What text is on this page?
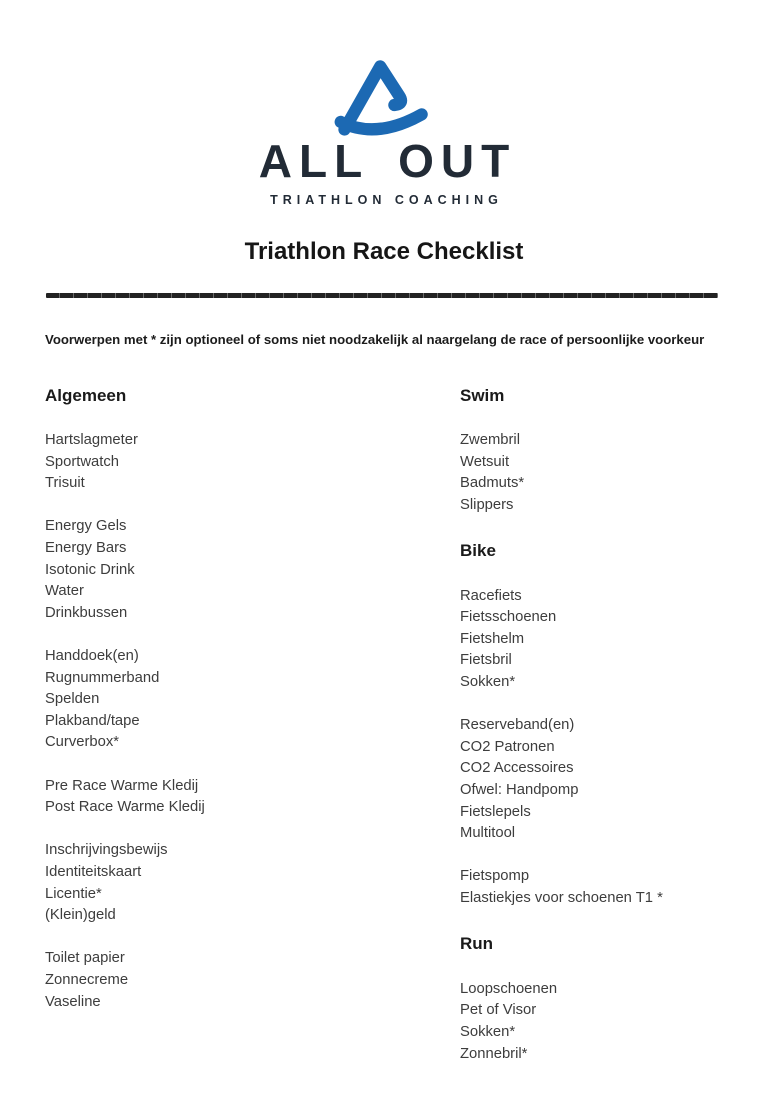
ALL OUT
TRIATHLON COACHING
Triathlon Race Checklist
Voorwerpen met * zijn optioneel of soms niet noodzakelijk al naargelang de race of persoonlijke voorkeur
Algemeen
Hartslagmeter
Sportwatch
Trisuit
Energy Gels
Energy Bars
Isotonic Drink
Water
Drinkbussen
Handdoek(en)
Rugnummerband
Spelden
Plakband/tape
Curverbox*
Pre Race Warme Kledij
Post Race Warme Kledij
Inschrijvingsbewijs
Identiteitskaart
Licentie*
(Klein)geld
Toilet papier
Zonnecreme
Vaseline
Swim
Zwembril
Wetsuit
Badmuts*
Slippers
Bike
Racefiets
Fietsschoenen
Fietshelm
Fietsbril
Sokken*
Reserveband(en)
CO2 Patronen
CO2 Accessoires
Ofwel: Handpomp
Fietslepels
Multitool
Fietspomp
Elastiekjes voor schoenen T1 *
Run
Loopschoenen
Pet of Visor
Sokken*
Zonnebril*
